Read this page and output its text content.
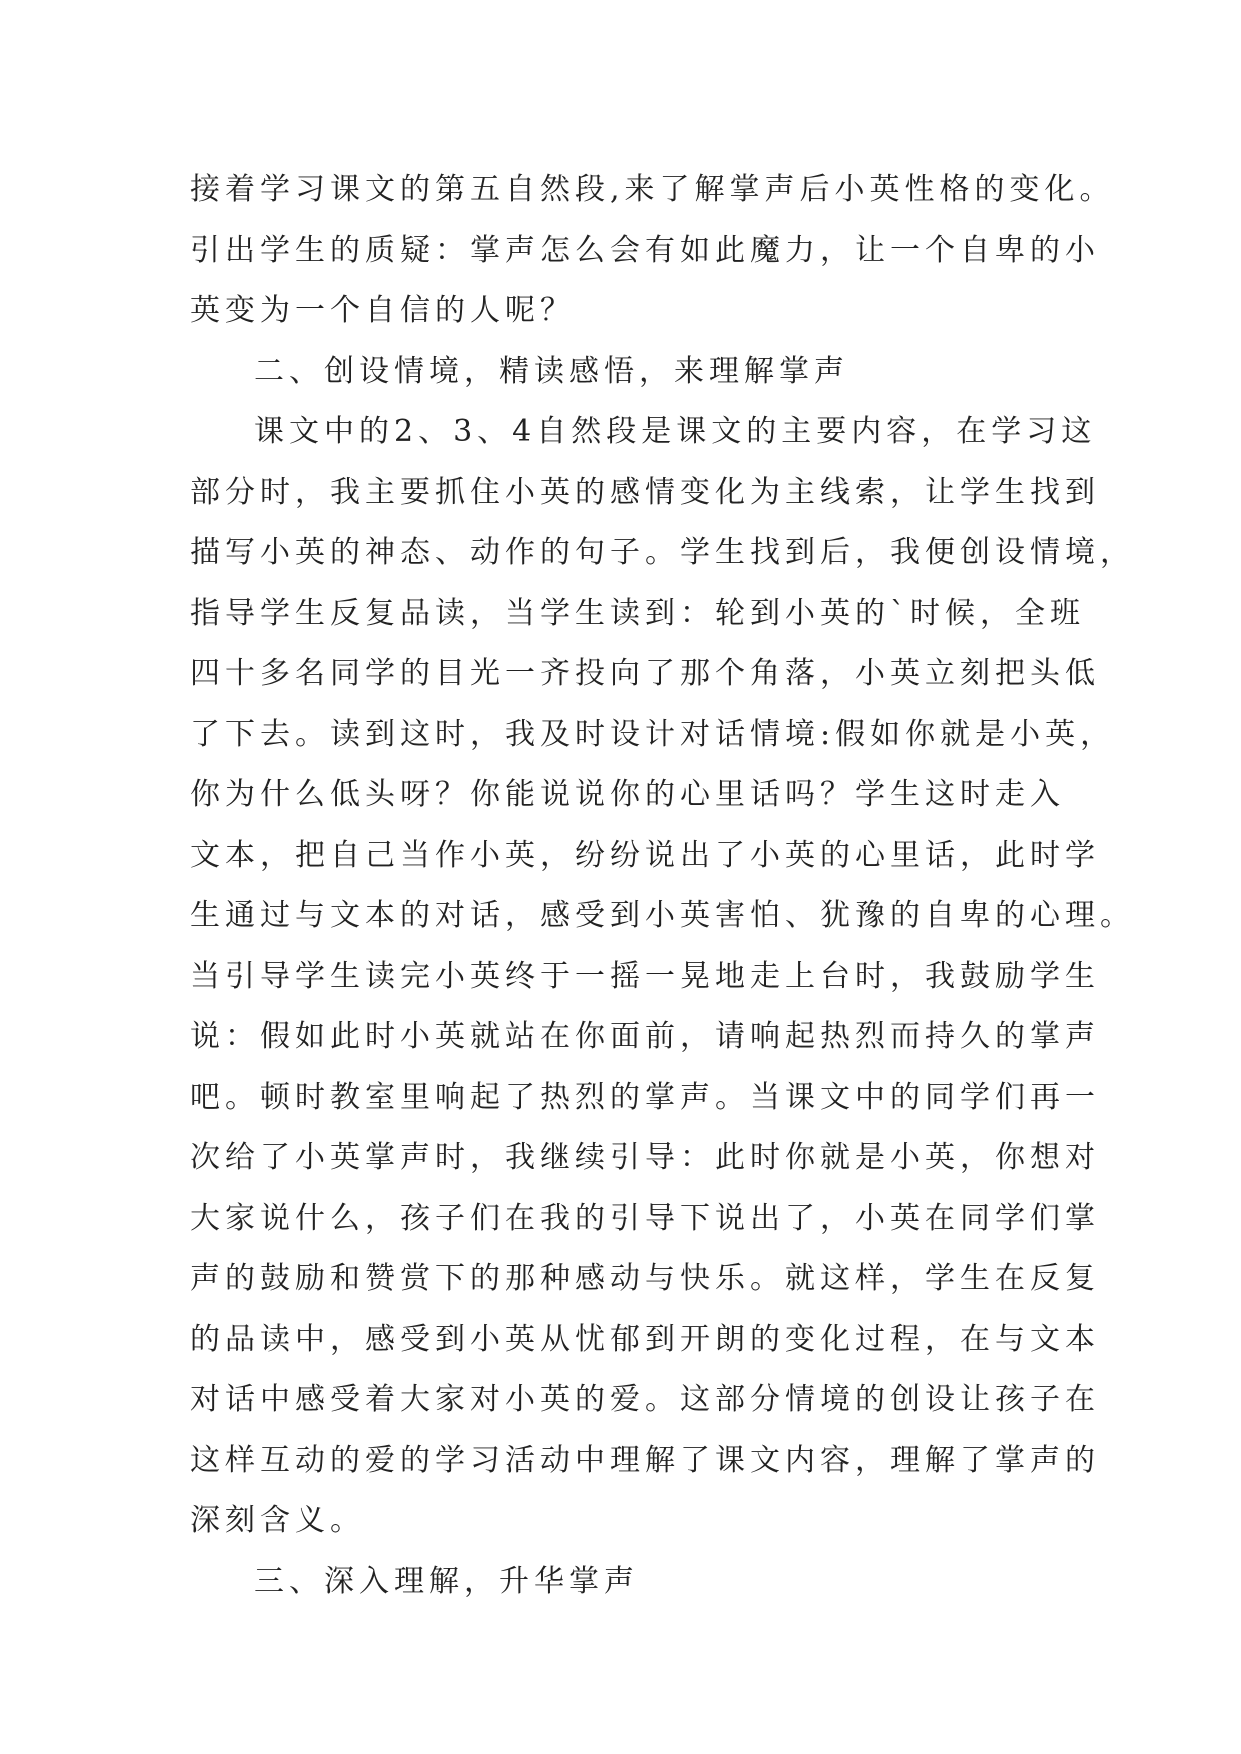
接着学习课文的第五自然段,来了解掌声后小英性格的变化。
引出学生的质疑：掌声怎么会有如此魔力，让一个自卑的小
英变为一个自信的人呢？
二、创设情境，精读感悟，来理解掌声
课文中的2、3、4自然段是课文的主要内容，在学习这
部分时，我主要抓住小英的感情变化为主线索，让学生找到
描写小英的神态、动作的句子。学生找到后，我便创设情境，
指导学生反复品读，当学生读到：轮到小英的`时候，全班
四十多名同学的目光一齐投向了那个角落，小英立刻把头低
了下去。读到这时，我及时设计对话情境:假如你就是小英，
你为什么低头呀？你能说说你的心里话吗？学生这时走入
文本，把自己当作小英，纷纷说出了小英的心里话，此时学
生通过与文本的对话，感受到小英害怕、犹豫的自卑的心理。
当引导学生读完小英终于一摇一晃地走上台时，我鼓励学生
说：假如此时小英就站在你面前，请响起热烈而持久的掌声
吧。顿时教室里响起了热烈的掌声。当课文中的同学们再一
次给了小英掌声时，我继续引导：此时你就是小英，你想对
大家说什么，孩子们在我的引导下说出了，小英在同学们掌
声的鼓励和赞赏下的那种感动与快乐。就这样，学生在反复
的品读中，感受到小英从忧郁到开朗的变化过程，在与文本
对话中感受着大家对小英的爱。这部分情境的创设让孩子在
这样互动的爱的学习活动中理解了课文内容，理解了掌声的
深刻含义。
三、深入理解，升华掌声
